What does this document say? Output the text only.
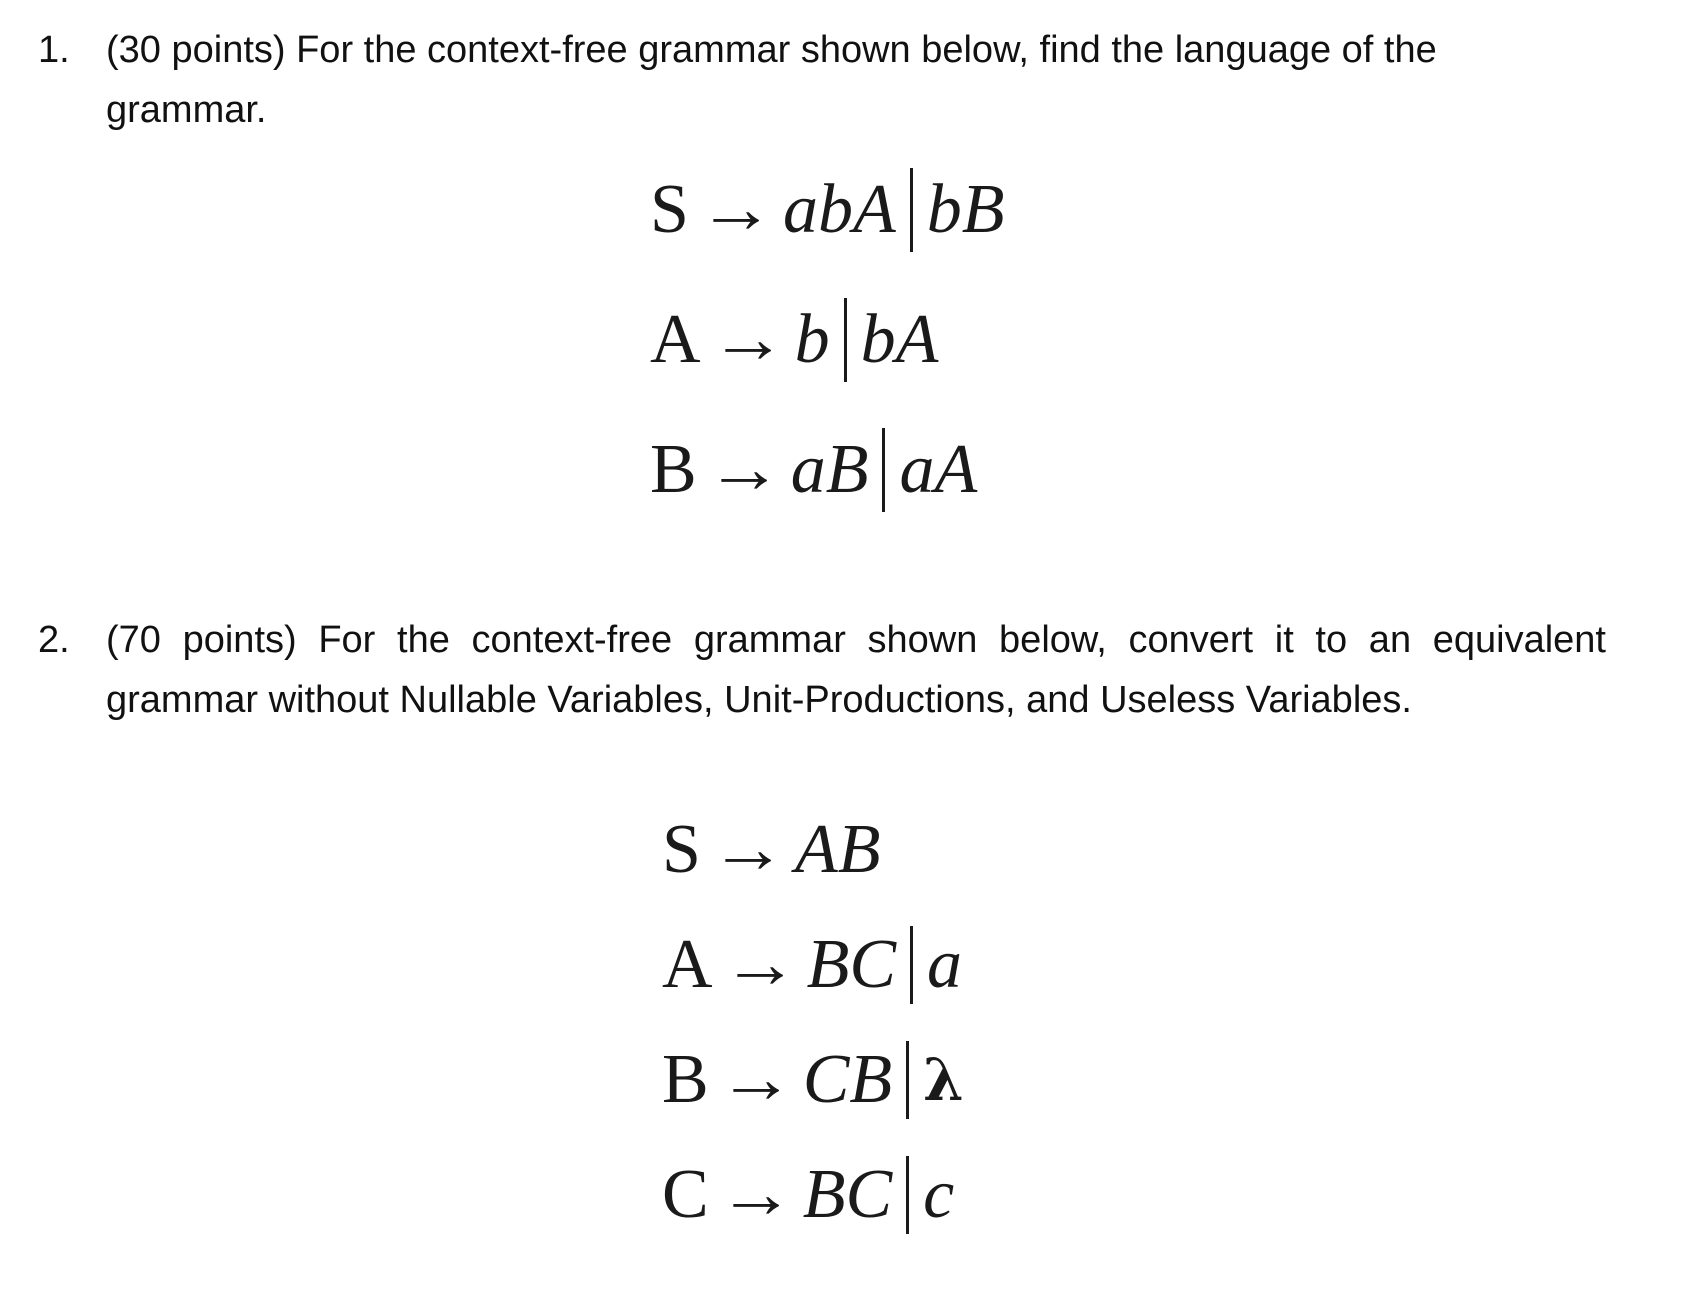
1. (30 points) For the context-free grammar shown below, find the language of the grammar.
S → abA bB
A → b bA
B → aB aA
2. (70 points) For the context-free grammar shown below, convert it to an equivalent grammar without Nullable Variables, Unit-Productions, and Useless Variables.
S → AB
A → BC a
B → CB λ
C → BC c
